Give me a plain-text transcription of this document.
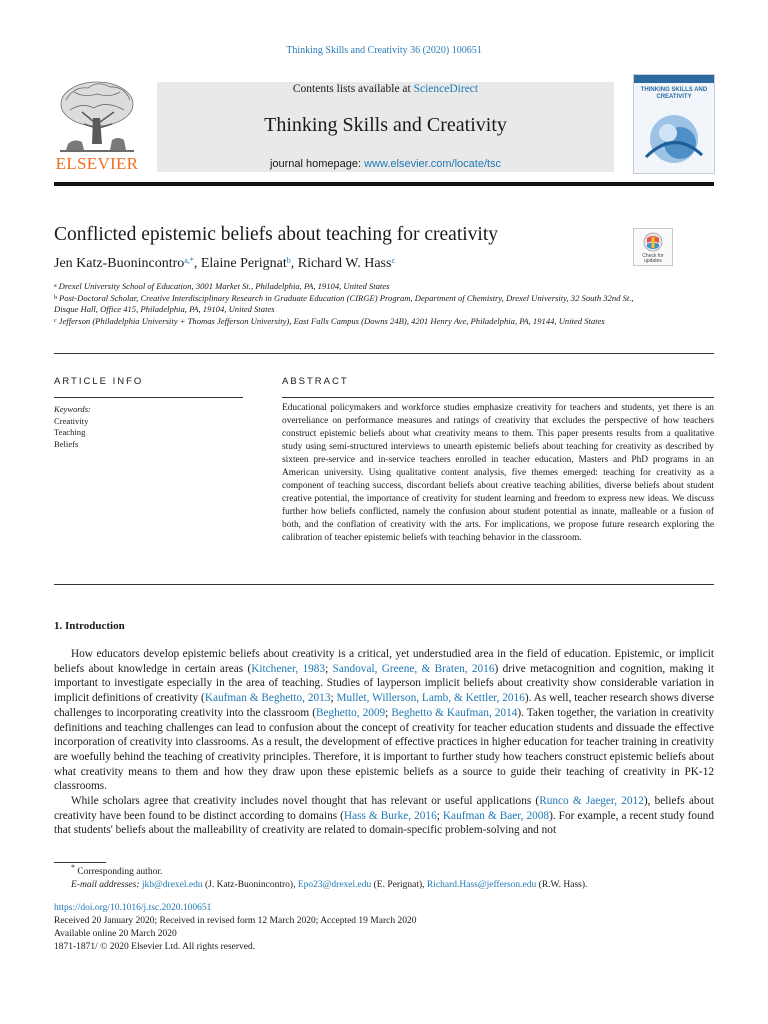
Thinking Skills and Creativity 36 (2020) 100651
ELSEVIER
Contents lists available at ScienceDirect
Thinking Skills and Creativity
journal homepage: www.elsevier.com/locate/tsc
THINKING SKILLS AND CREATIVITY
Conflicted epistemic beliefs about teaching for creativity
Check for updates
Jen Katz-Buonincontro$^{a,*}$, Elaine Perignat$^b$, Richard W. Hass$^c$
$^a$ Drexel University School of Education, 3001 Market St., Philadelphia, PA, 19104, United States
$^b$ Post-Doctoral Scholar, Creative Interdisciplinary Research in Graduate Education (CIRGE) Program, Department of Chemistry, Drexel University, 32 South 32nd St., Disque Hall, Office 415, Philadelphia, PA, 19104, United States
$^c$ Jefferson (Philadelphia University + Thomas Jefferson University), East Falls Campus (Downs 24B), 4201 Henry Ave, Philadelphia, PA, 19144, United States
ARTICLE INFO
Keywords:
Creativity
Teaching
Beliefs
ABSTRACT
Educational policymakers and workforce studies emphasize creativity for teachers and students, yet there is an overreliance on performance measures and ratings of creativity that excludes the perspective of how teachers construct epistemic beliefs about what creativity means to them. This paper presents results from a qualitative study using semi-structured interviews to unearth epistemic beliefs about teaching for creativity as described by sixteen pre-service and in-service teachers enrolled in teacher education, Masters and PhD programs in an American university. Using qualitative content analysis, five themes emerged: teaching for creativity as a component of teaching success, discordant beliefs about creative teaching abilities, diverse beliefs about student creative potential, the importance of creativity for student learning and freedom to express new ideas. We discuss further how beliefs conflicted, namely the confusion about student potential as innate, malleable or a fusion of both, and the conflation of creativity with the arts. For implications, we propose future research exploring the calibration of teacher epistemic beliefs with teaching behavior in the classroom.
1. Introduction

How educators develop epistemic beliefs about creativity is a critical, yet understudied area in the field of education. Epistemic, or implicit beliefs about knowledge in certain areas (Kitchener, 1983; Sandoval, Greene, & Braten, 2016) drive metacognition and cognition, making it important to investigate especially in the area of teaching. Studies of layperson implicit beliefs about creativity show considerable variation in implicit definitions of creativity (Kaufman & Beghetto, 2013; Mullet, Willerson, Lamb, & Kettler, 2016). As well, teacher research shows diverse challenges to incorporating creativity into the classroom (Beghetto, 2009; Beghetto & Kaufman, 2014). Taken together, the variation in creativity definitions and teaching challenges can lead to confusion about the concept of creativity for teacher education students and dissuade the effective incorporation of creativity into classrooms. As a result, the development of effective practices in higher education for teacher training in creativity are woefully behind the teaching of creativity principles. Therefore, it is important to further study how teachers construct epistemic beliefs about what creativity means to them and how they draw upon these epistemic beliefs as a source to guide their teaching of creativity in PK-12 classrooms.

While scholars agree that creativity includes novel thought that has relevant or useful applications (Runco & Jaeger, 2012), beliefs about creativity have been found to be distinct according to domains (Hass & Burke, 2016; Kaufman & Baer, 2008). For example, a recent study found that students' beliefs about the malleability of creativity are related to domain-specific problem-solving and not

* Corresponding author.
E-mail addresses: jkb@drexel.edu (J. Katz-Buonincontro), Epo23@drexel.edu (E. Perignat), Richard.Hass@jefferson.edu (R.W. Hass).
https://doi.org/10.1016/j.tsc.2020.100651
Received 20 January 2020; Received in revised form 12 March 2020; Accepted 19 March 2020
Available online 20 March 2020
1871-1871/ © 2020 Elsevier Ltd. All rights reserved.
